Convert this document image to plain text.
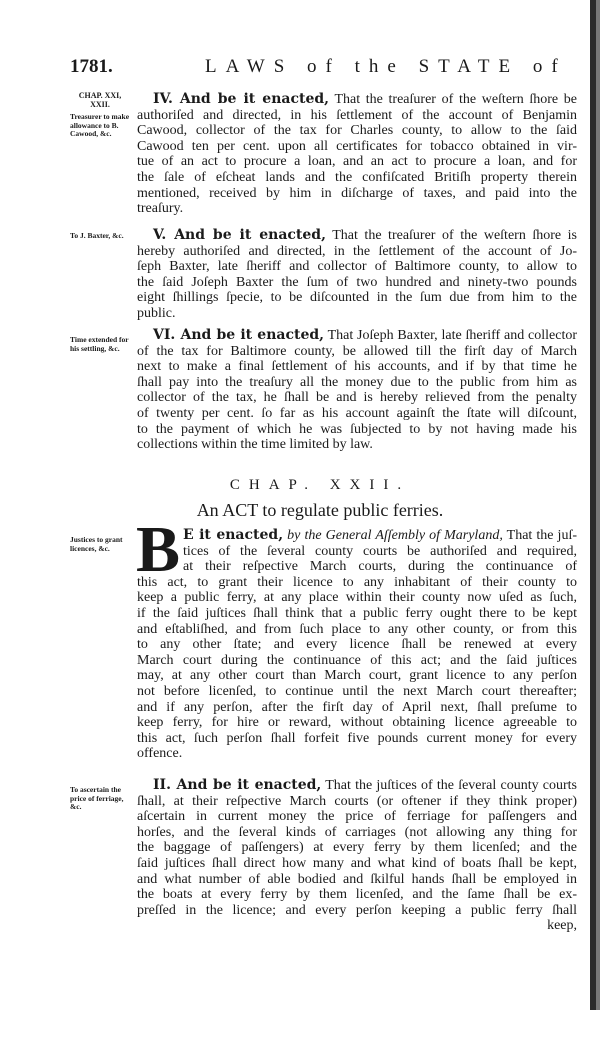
1781.	LAWS of the STATE of
CHAP. XXI, XXII.
Treasurer to make allowance to B. Cawood, &c.
To J. Baxter, &c.
Time extended for his settling, &c.
Justices to grant licences, &c.
To ascertain the price of ferriage, &c.
IV. And be it enacted, That the treaſurer of the weſtern ſhore be
authoriſed and directed, in his ſettlement of the account of Benjamin
Cawood, collector of the tax for Charles county, to allow to the ſaid
Cawood ten per cent. upon all certificates for tobacco obtained in vir-
tue of an act to procure a loan, and an act to procure a loan, and for
the ſale of eſcheat lands and the confiſcated Britiſh property therein
mentioned, received by him in diſcharge of taxes, and paid into the
treaſury.
V. And be it enacted, That the treaſurer of the weſtern ſhore is
hereby authoriſed and directed, in the ſettlement of the account of Jo-
ſeph Baxter, late ſheriff and collector of Baltimore county, to allow to
the ſaid Joſeph Baxter the ſum of two hundred and ninety-two pounds
eight ſhillings ſpecie, to be diſcounted in the ſum due from him to the
public.
VI. And be it enacted, That Joſeph Baxter, late ſheriff and collector
of the tax for Baltimore county, be allowed till the firſt day of March
next to make a final ſettlement of his accounts, and if by that time he
ſhall pay into the treaſury all the money due to the public from him as
collector of the tax, he ſhall be and is hereby relieved from the penalty
of twenty per cent. ſo far as his account againſt the ſtate will diſcount,
to the payment of which he was ſubjected to by not having made his
collections within the time limited by law.
CHAP. XXII.
An ACT to regulate public ferries.
B E it enacted, by the General Aſſembly of Maryland, That the juſ-
tices of the ſeveral county courts be authoriſed and required,
at their reſpective March courts, during the continuance of
this act, to grant their licence to any inhabitant of their county to
keep a public ferry, at any place within their county now uſed as ſuch,
if the ſaid juſtices ſhall think that a public ferry ought there to be kept
and eſtabliſhed, and from ſuch place to any other county, or from this
to any other ſtate; and every licence ſhall be renewed at every
March court during the continuance of this act; and the ſaid juſtices
may, at any other court than March court, grant licence to any perſon
not before licenſed, to continue until the next March court thereafter;
and if any perſon, after the firſt day of April next, ſhall preſume to
keep ferry, for hire or reward, without obtaining licence agreeable to
this act, ſuch perſon ſhall forfeit five pounds current money for every
offence.
II. And be it enacted, That the juſtices of the ſeveral county courts
ſhall, at their reſpective March courts (or oftener if they think proper)
aſcertain in current money the price of ferriage for paſſengers and
horſes, and the ſeveral kinds of carriages (not allowing any thing for
the baggage of paſſengers) at every ferry by them licenſed; and the
ſaid juſtices ſhall direct how many and what kind of boats ſhall be kept,
and what number of able bodied and ſkilful hands ſhall be employed in
the boats at every ferry by them licenſed, and the ſame ſhall be ex-
preſſed in the licence; and every perſon keeping a public ferry ſhall
keep,
